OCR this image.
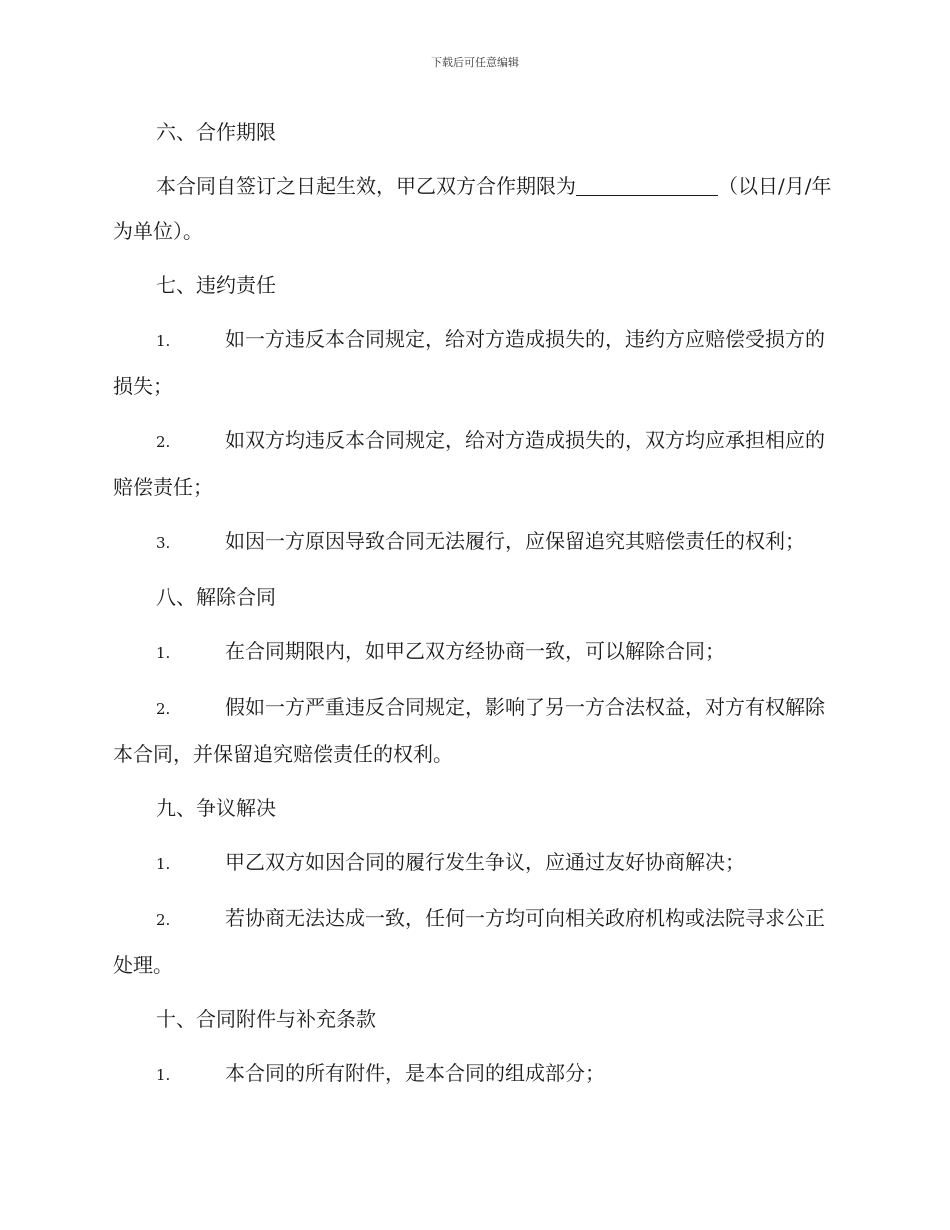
下载后可任意编辑

六、合作期限

本合同自签订之日起生效，甲乙双方合作期限为	（以日/月/年为单位）。

七、违约责任

1.	如一方违反本合同规定，给对方造成损失的，违约方应赔偿受损方的损失；

2.	如双方均违反本合同规定，给对方造成损失的，双方均应承担相应的赔偿责任；

3.	如因一方原因导致合同无法履行，应保留追究其赔偿责任的权利；

八、解除合同

1.	在合同期限内，如甲乙双方经协商一致，可以解除合同；

2.	假如一方严重违反合同规定，影响了另一方合法权益，对方有权解除本合同，并保留追究赔偿责任的权利。

九、争议解决

1.	甲乙双方如因合同的履行发生争议，应通过友好协商解决；

2.	若协商无法达成一致，任何一方均可向相关政府机构或法院寻求公正处理。

十、合同附件与补充条款

1.	本合同的所有附件，是本合同的组成部分；
